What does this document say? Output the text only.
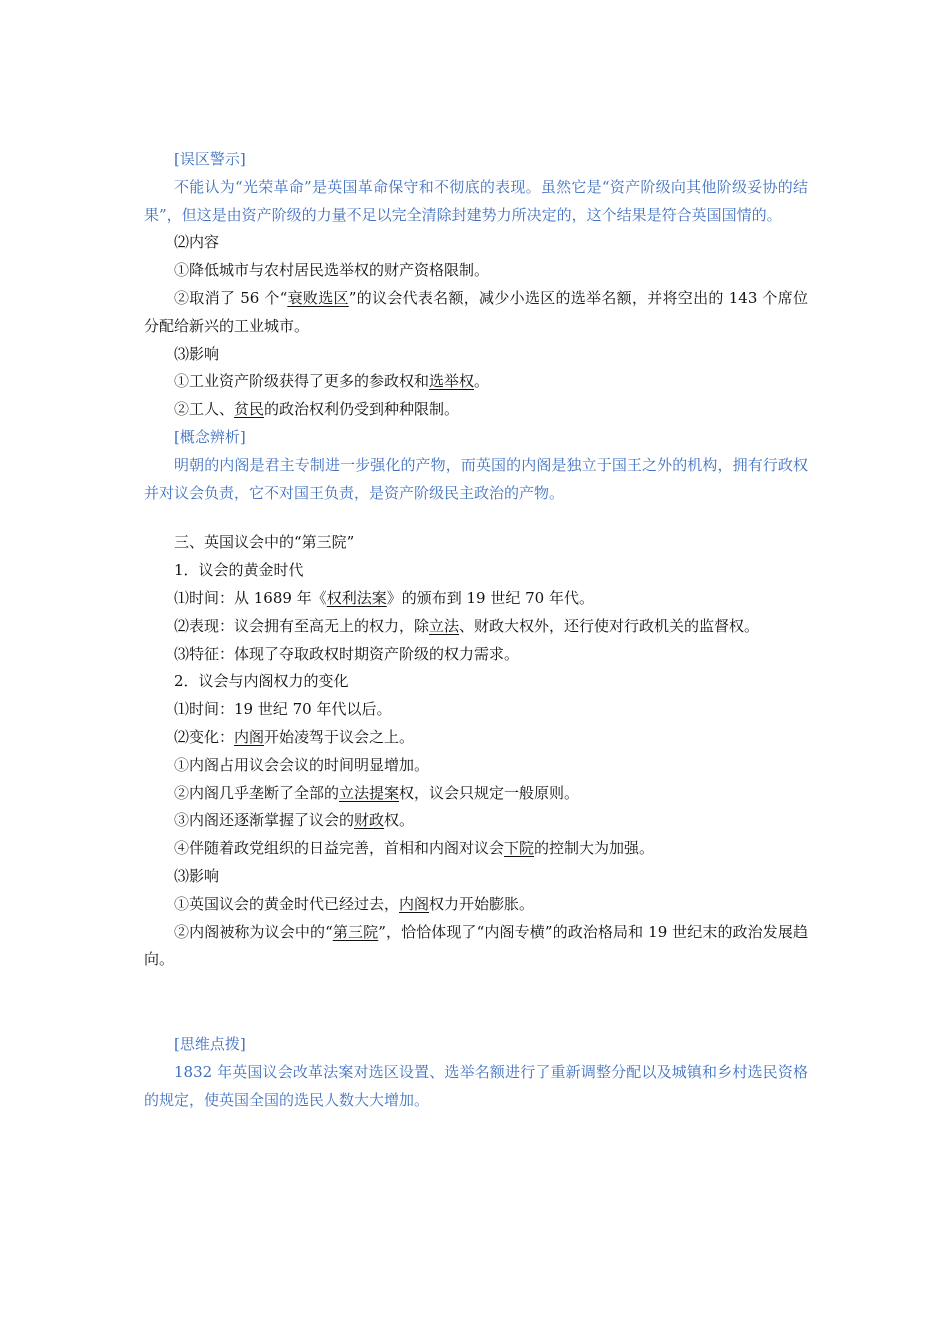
[误区警示]

不能认为“光荣革命”是英国革命保守和不彻底的表现。虽然它是“资产阶级向其他阶级妥协的结果”，但这是由资产阶级的力量不足以完全清除封建势力所决定的，这个结果是符合英国国情的。

⑵内容

①降低城市与农村居民选举权的财产资格限制。

②取消了 56 个“衰败选区”的议会代表名额，减少小选区的选举名额，并将空出的 143 个席位分配给新兴的工业城市。

⑶影响

①工业资产阶级获得了更多的参政权和选举权。

②工人、贫民的政治权利仍受到种种限制。

[概念辨析]

明朝的内阁是君主专制进一步强化的产物，而英国的内阁是独立于国王之外的机构，拥有行政权并对议会负责，它不对国王负责，是资产阶级民主政治的产物。

三、英国议会中的“第三院”

1．议会的黄金时代

⑴时间：从 1689 年《权利法案》的颁布到 19 世纪 70 年代。

⑵表现：议会拥有至高无上的权力，除立法、财政大权外，还行使对行政机关的监督权。

⑶特征：体现了夺取政权时期资产阶级的权力需求。

2．议会与内阁权力的变化

⑴时间：19 世纪 70 年代以后。

⑵变化：内阁开始凌驾于议会之上。

①内阁占用议会会议的时间明显增加。

②内阁几乎垄断了全部的立法提案权，议会只规定一般原则。

③内阁还逐渐掌握了议会的财政权。

④伴随着政党组织的日益完善，首相和内阁对议会下院的控制大为加强。

⑶影响

①英国议会的黄金时代已经过去，内阁权力开始膨胀。

②内阁被称为议会中的“第三院”，恰恰体现了“内阁专横”的政治格局和 19 世纪末的政治发展趋向。

[思维点拨]

1832 年英国议会改革法案对选区设置、选举名额进行了重新调整分配以及城镇和乡村选民资格的规定，使英国全国的选民人数大大增加。
